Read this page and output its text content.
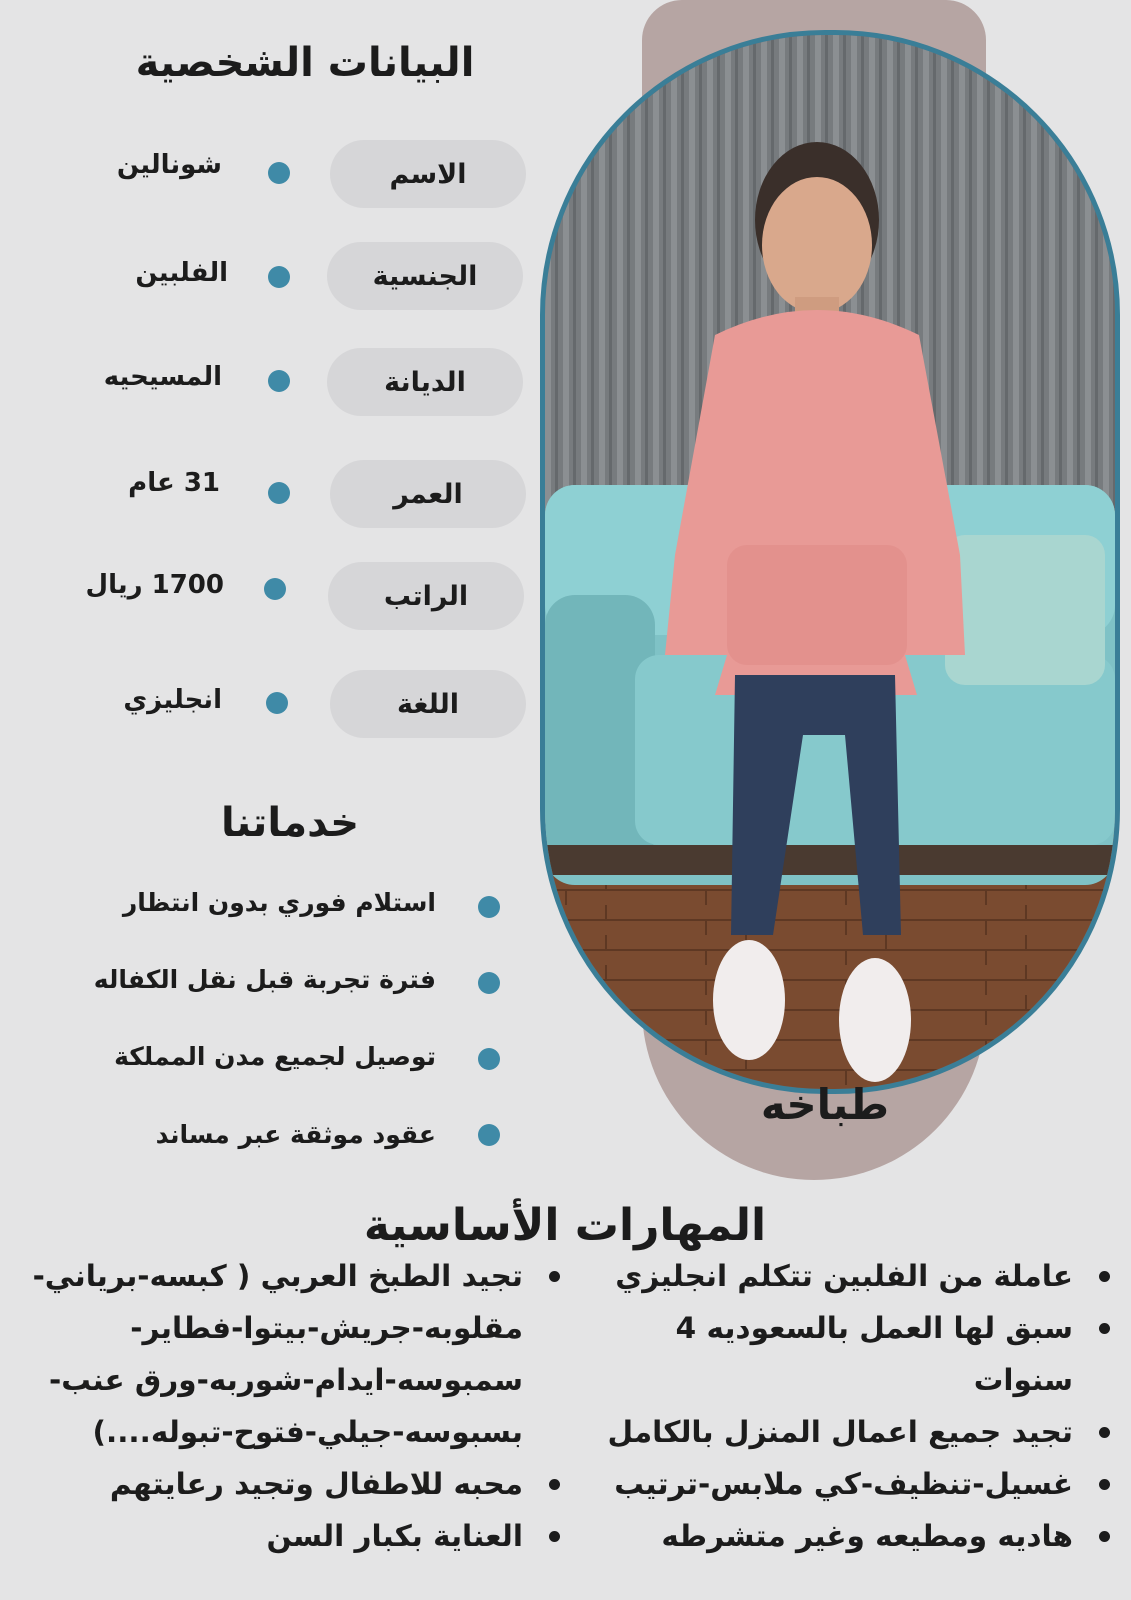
البيانات الشخصية
الاسم
شونالين
الجنسية
الفلبين
الديانة
المسيحيه
العمر
31 عام
الراتب
1700 ريال
اللغة
انجليزي
خدماتنا
استلام فوري بدون انتظار
فترة تجربة قبل نقل الكفاله
توصيل لجميع مدن المملكة
عقود موثقة عبر مساند
طباخه
المهارات الأساسية
عاملة من الفلبين تتكلم انجليزي
سبق لها العمل بالسعوديه 4 سنوات
تجيد جميع اعمال المنزل بالكامل
غسيل-تنظيف-كي ملابس-ترتيب
هاديه ومطيعه وغير متشرطه
تجيد الطبخ العربي ( كبسه-برياني-مقلوبه-جريش-بيتوا-فطاير-سمبوسه-ايدام-شوربه-ورق عنب-بسبوسه-جيلي-فتوح-تبوله....)
محبه للاطفال وتجيد رعايتهم
العناية بكبار السن
